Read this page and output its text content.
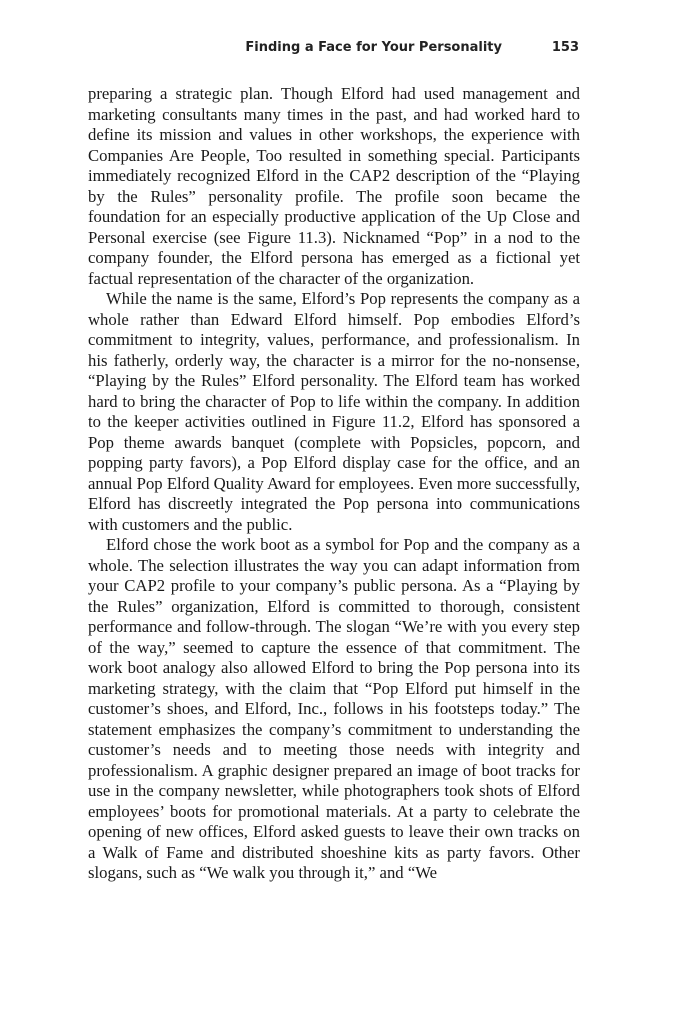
Finding a Face for Your Personality	153

preparing a strategic plan. Though Elford had used management and marketing consultants many times in the past, and had worked hard to define its mission and values in other workshops, the experience with Companies Are People, Too resulted in something special. Participants immediately recognized Elford in the CAP2 description of the “Playing by the Rules” personality profile. The profile soon became the foundation for an especially productive application of the Up Close and Personal exercise (see Figure 11.3). Nicknamed “Pop” in a nod to the company founder, the Elford persona has emerged as a fictional yet factual representation of the character of the organization.

While the name is the same, Elford’s Pop represents the company as a whole rather than Edward Elford himself. Pop embodies Elford’s commitment to integrity, values, performance, and professionalism. In his fatherly, orderly way, the character is a mirror for the no-nonsense, “Playing by the Rules” Elford personality. The Elford team has worked hard to bring the character of Pop to life within the company. In addition to the keeper activities outlined in Figure 11.2, Elford has sponsored a Pop theme awards banquet (complete with Popsicles, popcorn, and popping party favors), a Pop Elford display case for the office, and an annual Pop Elford Quality Award for employees. Even more successfully, Elford has discreetly integrated the Pop persona into communications with customers and the public.

Elford chose the work boot as a symbol for Pop and the company as a whole. The selection illustrates the way you can adapt information from your CAP2 profile to your company’s public persona. As a “Playing by the Rules” organization, Elford is committed to thorough, consistent performance and follow-through. The slogan “We’re with you every step of the way,” seemed to capture the essence of that commitment. The work boot analogy also allowed Elford to bring the Pop persona into its marketing strategy, with the claim that “Pop Elford put himself in the customer’s shoes, and Elford, Inc., follows in his footsteps today.” The statement emphasizes the company’s commitment to understanding the customer’s needs and to meeting those needs with integrity and professionalism. A graphic designer prepared an image of boot tracks for use in the company newsletter, while photographers took shots of Elford employees’ boots for promotional materials. At a party to celebrate the opening of new offices, Elford asked guests to leave their own tracks on a Walk of Fame and distributed shoeshine kits as party favors. Other slogans, such as “We walk you through it,” and “We
